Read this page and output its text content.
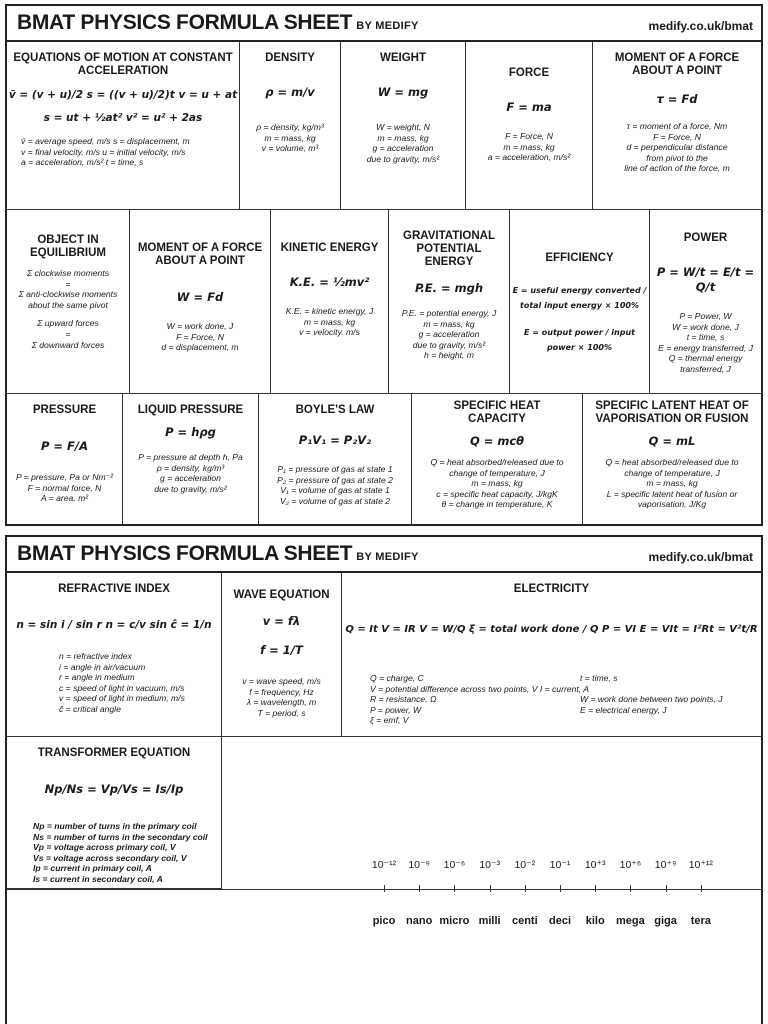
BMAT PHYSICS FORMULA SHEET BY MEDIFY	medify.co.uk/bmat
EQUATIONS OF MOTION AT CONSTANT ACCELERATION
v̄ = (v + u)/2 s = ((v + u)/2)t v = u + at
s = ut + ½at² v² = u² + 2as
v̄ = average speed, m/s s = displacement, m
v = final velocity, m/s u = initial velocity, m/s
a = acceleration, m/s² t = time, s
DENSITY
ρ = m/v
ρ = density, kg/m³
m = mass, kg
v = volume, m³
WEIGHT
W = mg
W = weight, N
m = mass, kg
g = acceleration
due to gravity, m/s²
FORCE
F = ma
F = Force, N
m = mass, kg
a = acceleration, m/s²
MOMENT OF A FORCE ABOUT A POINT
τ = Fd
τ = moment of a force, Nm
F = Force, N
d = perpendicular distance
from pivot to the
line of action of the force, m
OBJECT IN EQUILIBRIUM
Σ clockwise moments
=
Σ anti-clockwise moments
about the same pivot
Σ upward forces
=
Σ downward forces
MOMENT OF A FORCE ABOUT A POINT
W = Fd
W = work done, J
F = Force, N
d = displacement, m
KINETIC ENERGY
K.E. = ½mv²
K.E. = kinetic energy, J
m = mass, kg
v = velocity. m/s
GRAVITATIONAL POTENTIAL ENERGY
P.E. = mgh
P.E. = potential energy, J
m = mass, kg
g = acceleration
due to gravity, m/s²
h = height, m
EFFICIENCY
E = useful energy converted / total input energy × 100%
E = output power / input power × 100%
POWER
P = W/t = E/t = Q/t
P = Power, W
W = work done, J
t = time, s
E = energy transferred, J
Q = thermal energy
transferred, J
PRESSURE
P = F/A
P = pressure, Pa or Nm⁻²
F = normal force, N
A = area, m²
LIQUID PRESSURE
P = hρg
P = pressure at depth h, Pa
ρ = density, kg/m³
g = acceleration
due to gravity, m/s²
BOYLE'S LAW
P₁V₁ = P₂V₂
P₁ = pressure of gas at state 1
P₂ = pressure of gas at state 2
V₁ = volume of gas at state 1
V₂ = volume of gas at state 2
SPECIFIC HEAT CAPACITY
Q = mcθ
Q = heat absorbed/released due to
change of temperature, J
m = mass, kg
c = specific heat capacity, J/kgK
θ = change in temperature, K
SPECIFIC LATENT HEAT OF VAPORISATION OR FUSION
Q = mL
Q = heat absorbed/released due to
change of temperature, J
m = mass, kg
L = specific latent heat of fusion or
vaporisation, J/Kg
BMAT PHYSICS FORMULA SHEET BY MEDIFY	medify.co.uk/bmat
REFRACTIVE INDEX
n = sin i / sin r n = c/v sin ĉ = 1/n
n = refractive index
i = angle in air/vacuum
r = angle in medium
c = speed of light in vacuum, m/s
v = speed of light in medium, m/s
ĉ = critical angle
WAVE EQUATION
v = fλ
f = 1/T
v = wave speed, m/s
f = frequency, Hz
λ = wavelength, m
T = period, s
ELECTRICITY
Q = It V = IR V = W/Q ξ = total work done / Q P = VI E = VIt = I²Rt = V²t/R
Q = charge, C
V = potential difference across two points, V I = current, A
R = resistance, Ω
P = power, W
ξ = emf, V
t = time, s
W = work done between two points, J
E = electrical energy, J
TRANSFORMER EQUATION
Np/Ns = Vp/Vs = Is/Ip
Np = number of turns in the primary coil
Ns = number of turns in the secondary coil
Vp = voltage across primary coil, V
Vs = voltage across secondary coil, V
Ip = current in primary coil, A
Is = current in secondary coil, A
10⁻¹² 10⁻⁹ 10⁻⁶ 10⁻³ 10⁻² 10⁻¹ 10⁺³ 10⁺⁶ 10⁺⁹ 10⁺¹²
pico nano micro milli centi deci kilo mega giga tera
